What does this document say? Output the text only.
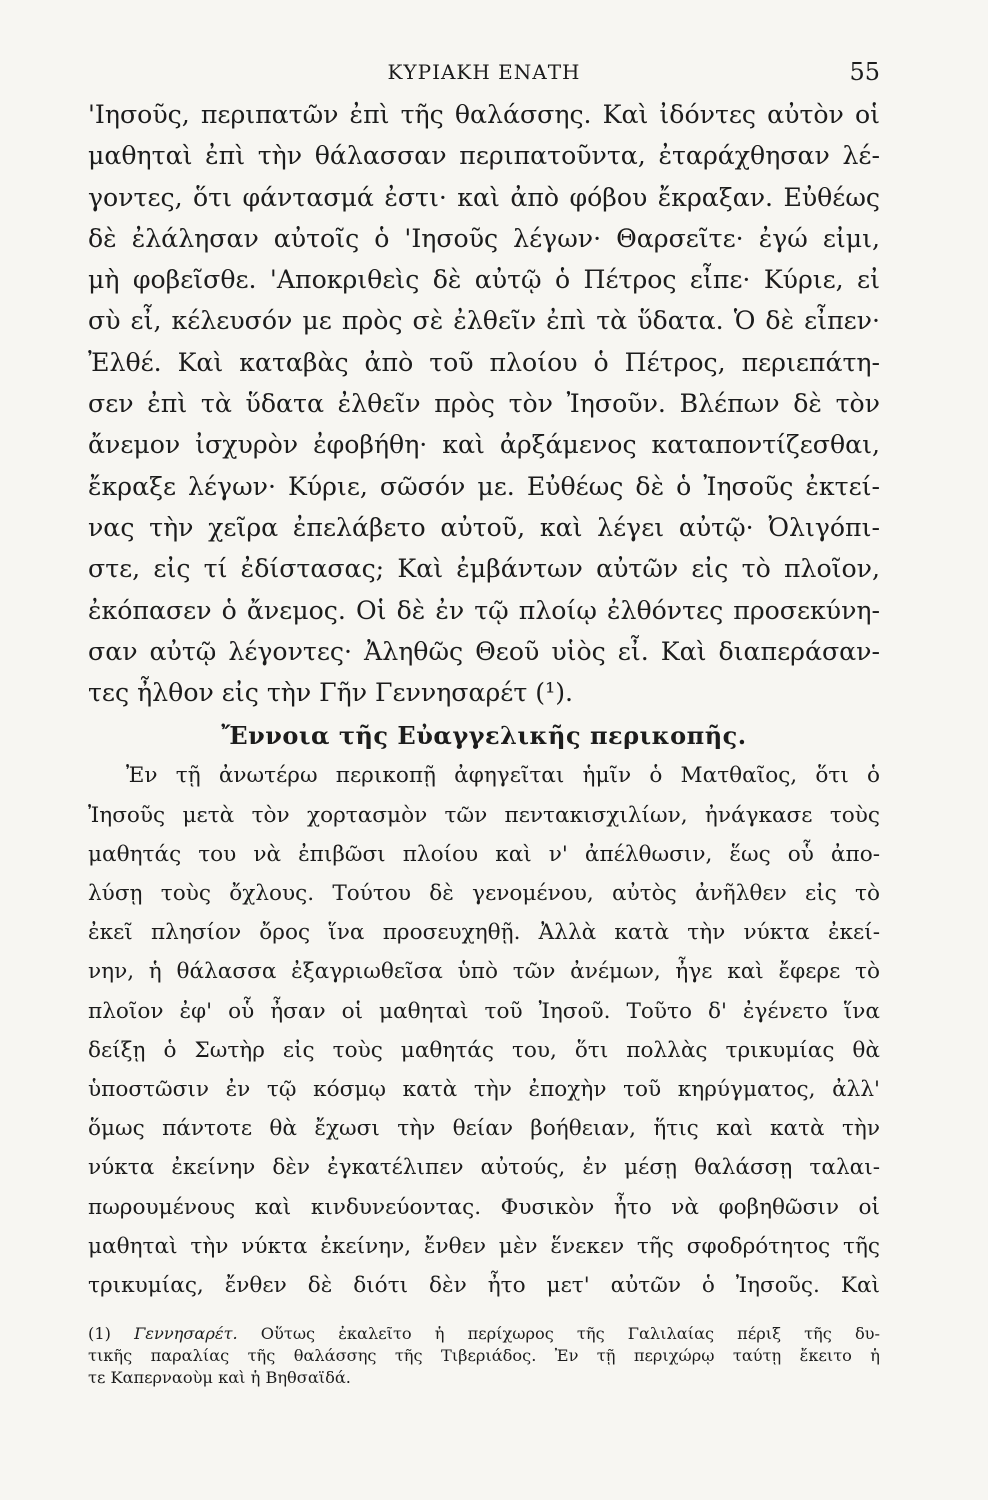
ΚΥΡΙΑΚΗ ΕΝΑΤΗ	55

'Ιησοῦς, περιπατῶν ἐπὶ τῆς θαλάσσης. Καὶ ἰδόντες αὐτὸν οἱ
μαθηταὶ ἐπὶ τὴν θάλασσαν περιπατοῦντα, ἐταράχθησαν λέ-
γοντες, ὅτι φάντασμά ἐστι· καὶ ἀπὸ φόβου ἔκραξαν. Εὐθέως
δὲ ἐλάλησαν αὐτοῖς ὁ 'Ιησοῦς λέγων· Θαρσεῖτε· ἐγώ εἰμι,
μὴ φοβεῖσθε. 'Αποκριθεὶς δὲ αὐτῷ ὁ Πέτρος εἶπε· Κύριε, εἰ
σὺ εἶ, κέλευσόν με πρὸς σὲ ἐλθεῖν ἐπὶ τὰ ὕδατα. Ὁ δὲ εἶπεν·
Ἐλθέ. Καὶ καταβὰς ἀπὸ τοῦ πλοίου ὁ Πέτρος, περιεπάτη-
σεν ἐπὶ τὰ ὕδατα ἐλθεῖν πρὸς τὸν Ἰησοῦν. Βλέπων δὲ τὸν
ἄνεμον ἰσχυρὸν ἐφοβήθη· καὶ ἀρξάμενος καταποντίζεσθαι,
ἔκραξε λέγων· Κύριε, σῶσόν με. Εὐθέως δὲ ὁ Ἰησοῦς ἐκτεί-
νας τὴν χεῖρα ἐπελάβετο αὐτοῦ, καὶ λέγει αὐτῷ· Ὀλιγόπι-
στε, εἰς τί ἐδίστασας; Καὶ ἐμβάντων αὐτῶν εἰς τὸ πλοῖον,
ἐκόπασεν ὁ ἄνεμος. Οἱ δὲ ἐν τῷ πλοίῳ ἐλθόντες προσεκύνη-
σαν αὐτῷ λέγοντες· Ἀληθῶς Θεοῦ υἱὸς εἶ. Καὶ διαπεράσαν-
τες ἦλθον εἰς τὴν Γῆν Γεννησαρέτ (¹).

Ἔννοια τῆς Εὐαγγελικῆς περικοπῆς.

Ἐν τῇ ἀνωτέρω περικοπῇ ἀφηγεῖται ἡμῖν ὁ Ματθαῖος, ὅτι ὁ
Ἰησοῦς μετὰ τὸν χορτασμὸν τῶν πεντακισχιλίων, ἠνάγκασε τοὺς
μαθητάς του νὰ ἐπιβῶσι πλοίου καὶ ν' ἀπέλθωσιν, ἕως οὗ ἀπο-
λύσῃ τοὺς ὄχλους. Τούτου δὲ γενομένου, αὐτὸς ἀνῆλθεν εἰς τὸ
ἐκεῖ πλησίον ὄρος ἵνα προσευχηθῇ. Ἀλλὰ κατὰ τὴν νύκτα ἐκεί-
νην, ἡ θάλασσα ἐξαγριωθεῖσα ὑπὸ τῶν ἀνέμων, ἦγε καὶ ἔφερε τὸ
πλοῖον ἐφ' οὗ ἦσαν οἱ μαθηταὶ τοῦ Ἰησοῦ. Τοῦτο δ' ἐγένετο ἵνα
δείξῃ ὁ Σωτὴρ εἰς τοὺς μαθητάς του, ὅτι πολλὰς τρικυμίας θὰ
ὑποστῶσιν ἐν τῷ κόσμῳ κατὰ τὴν ἐποχὴν τοῦ κηρύγματος, ἀλλ'
ὅμως πάντοτε θὰ ἔχωσι τὴν θείαν βοήθειαν, ἥτις καὶ κατὰ τὴν
νύκτα ἐκείνην δὲν ἐγκατέλιπεν αὐτούς, ἐν μέσῃ θαλάσσῃ ταλαι-
πωρουμένους καὶ κινδυνεύοντας. Φυσικὸν ἦτο νὰ φοβηθῶσιν οἱ
μαθηταὶ τὴν νύκτα ἐκείνην, ἔνθεν μὲν ἕνεκεν τῆς σφοδρότητος τῆς
τρικυμίας, ἔνθεν δὲ διότι δὲν ἦτο μετ' αὐτῶν ὁ Ἰησοῦς. Καὶ

(1) Γεννησαρέτ. Οὕτως ἐκαλεῖτο ἡ περίχωρος τῆς Γαλιλαίας πέριξ τῆς δυ-
τικῆς παραλίας τῆς θαλάσσης τῆς Τιβεριάδος. Ἐν τῇ περιχώρῳ ταύτῃ ἔκειτο ἡ
τε Καπερναοὺμ καὶ ἡ Βηθσαϊδά.
